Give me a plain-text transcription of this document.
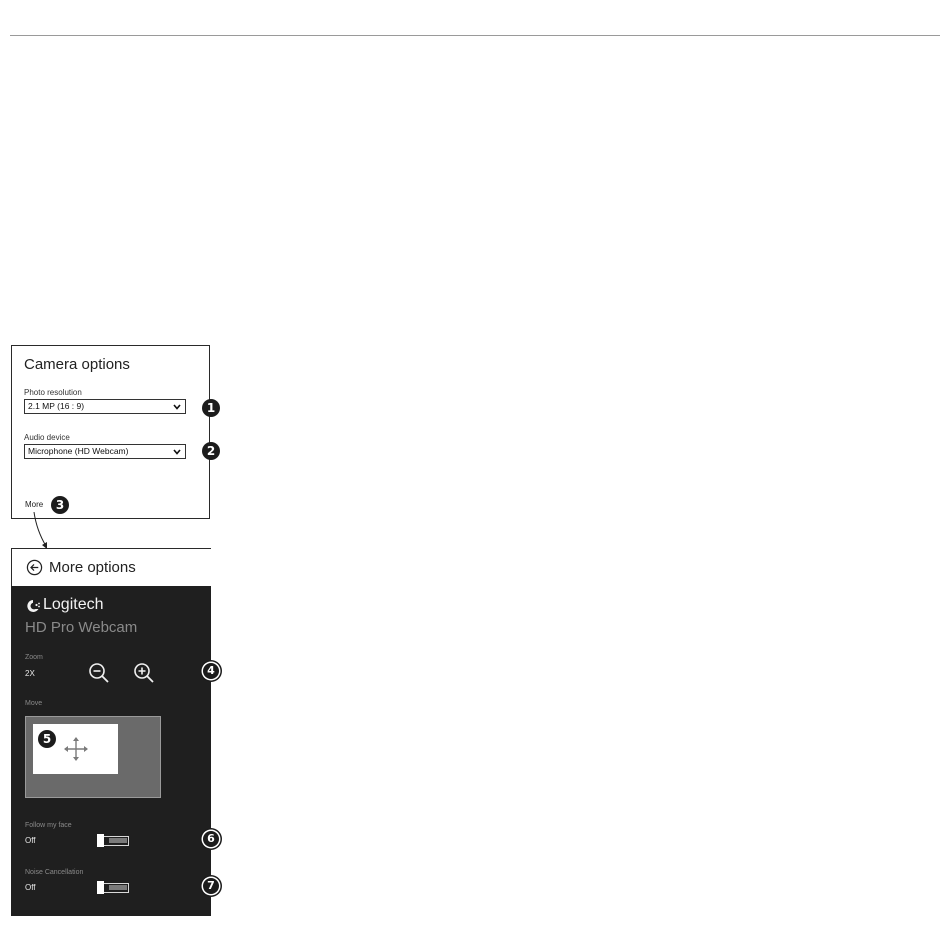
Camera options
Photo resolution
2.1 MP (16 : 9)
Audio device
Microphone (HD Webcam)
More
1
2
3
More options
Logitech
HD Pro Webcam
Zoom
2X
Move
Follow my face
Off
Noise Cancellation
Off
4
5
6
7
